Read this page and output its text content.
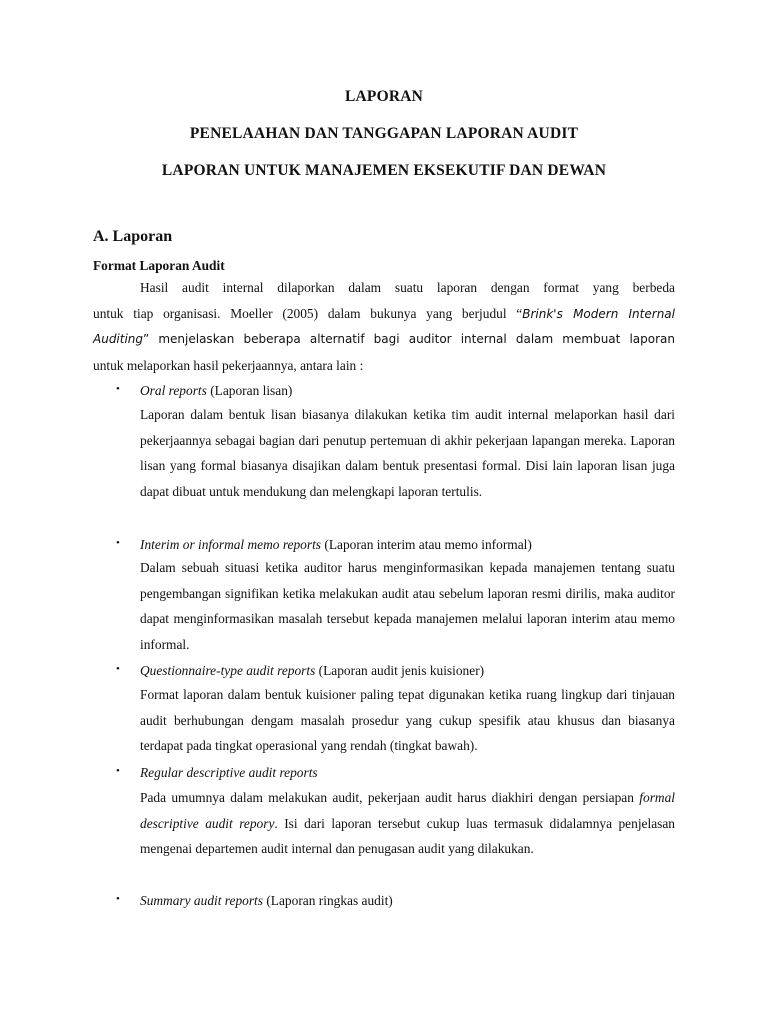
LAPORAN
PENELAAHAN DAN TANGGAPAN LAPORAN AUDIT
LAPORAN UNTUK MANAJEMEN EKSEKUTIF DAN DEWAN
A. Laporan
Format Laporan Audit
Hasil audit internal dilaporkan dalam suatu laporan dengan format yang berbeda
untuk tiap organisasi. Moeller (2005) dalam bukunya yang berjudul “Brink's Modern Internal
Auditing” menjelaskan beberapa alternatif bagi auditor internal dalam membuat laporan
untuk melaporkan hasil pekerjaannya, antara lain :
• Oral reports (Laporan lisan)

Laporan dalam bentuk lisan biasanya dilakukan ketika tim audit internal melaporkan hasil dari pekerjaannya sebagai bagian dari penutup pertemuan di akhir pekerjaan lapangan mereka. Laporan lisan yang formal biasanya disajikan dalam bentuk presentasi formal. Disi lain laporan lisan juga dapat dibuat untuk mendukung dan melengkapi laporan tertulis.

• Interim or informal memo reports (Laporan interim atau memo informal)

Dalam sebuah situasi ketika auditor harus menginformasikan kepada manajemen tentang suatu pengembangan signifikan ketika melakukan audit atau sebelum laporan resmi dirilis, maka auditor dapat menginformasikan masalah tersebut kepada manajemen melalui laporan interim atau memo informal.

• Questionnaire-type audit reports (Laporan audit jenis kuisioner)

Format laporan dalam bentuk kuisioner paling tepat digunakan ketika ruang lingkup dari tinjauan audit berhubungan dengam masalah prosedur yang cukup spesifik atau khusus dan biasanya terdapat pada tingkat operasional yang rendah (tingkat bawah).

• Regular descriptive audit reports

Pada umumnya dalam melakukan audit, pekerjaan audit harus diakhiri dengan persiapan formal descriptive audit repory. Isi dari laporan tersebut cukup luas termasuk didalamnya penjelasan mengenai departemen audit internal dan penugasan audit yang dilakukan.

• Summary audit reports (Laporan ringkas audit)
